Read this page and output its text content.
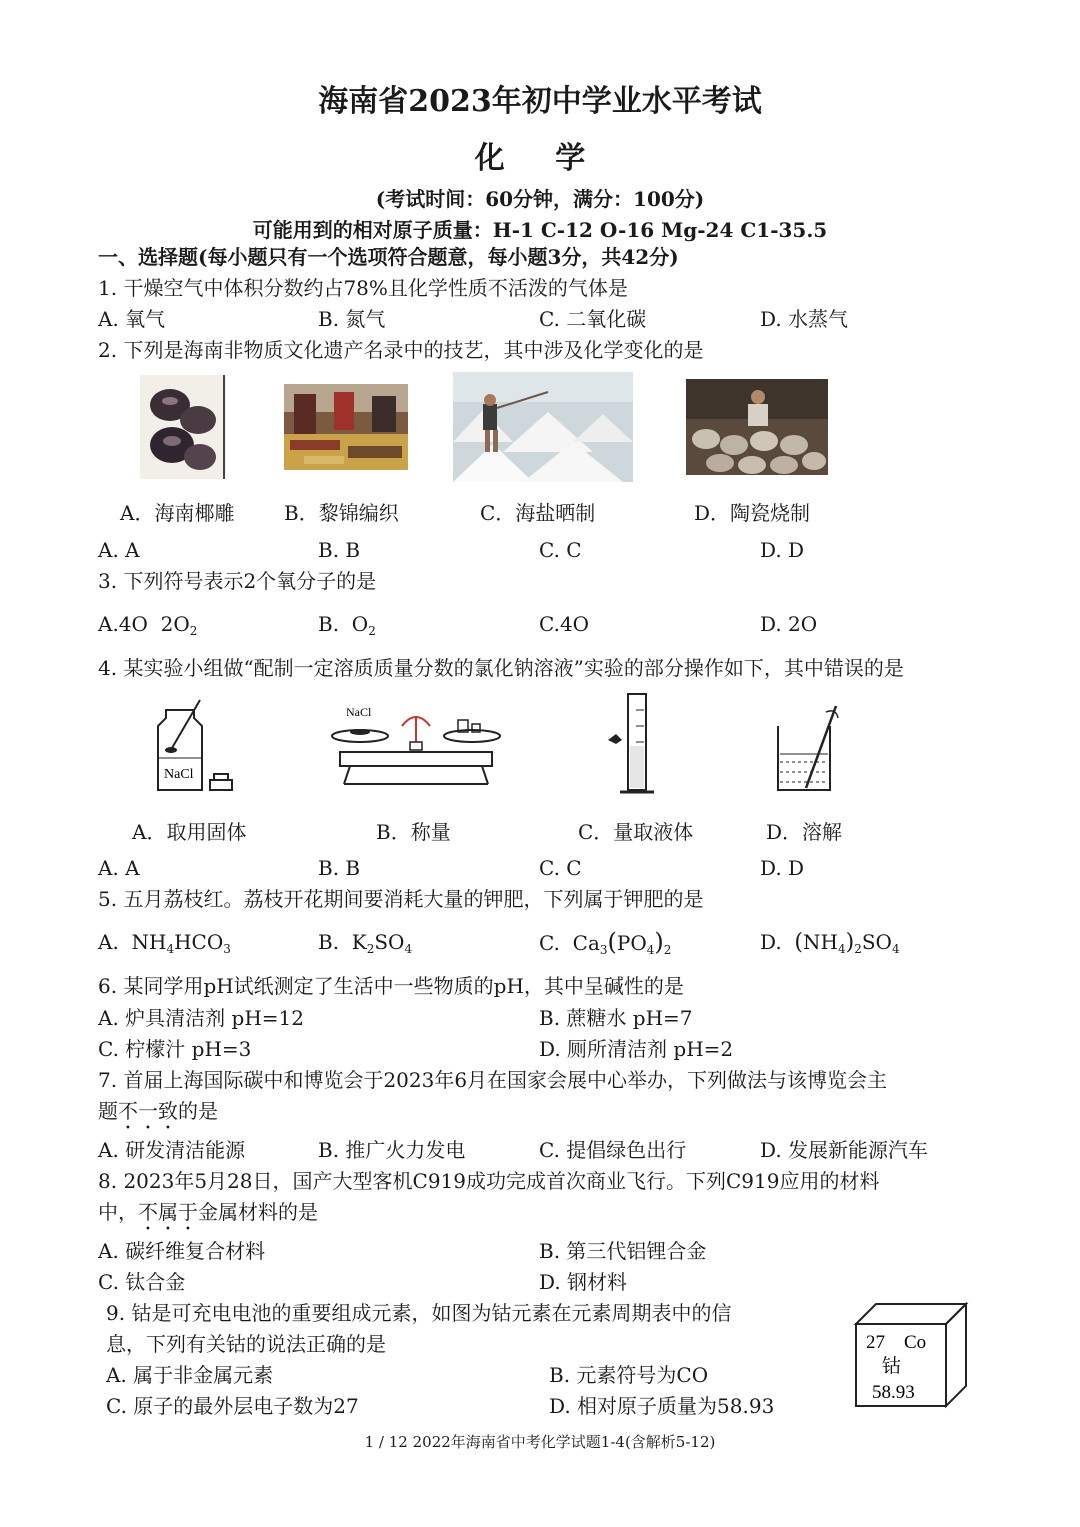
海南省2023年初中学业水平考试
化 学
(考试时间：60分钟，满分：100分)
可能用到的相对原子质量：H-1 C-12 O-16 Mg-24 C1-35.5
一、选择题(每小题只有一个选项符合题意，每小题3分，共42分)
1. 干燥空气中体积分数约占78%且化学性质不活泼的气体是
A. 氧气	B. 氮气	C. 二氧化碳	D. 水蒸气
2. 下列是海南非物质文化遗产名录中的技艺，其中涉及化学变化的是
A．海南椰雕 B．黎锦编织	C．海盐晒制	D．陶瓷烧制
A. A	B. B	C. C	D. D
3. 下列符号表示2个氧分子的是
A.4O $2O_2$	B. $O_2$	C.4O	D. 2O
4. 某实验小组做“配制一定溶质质量分数的氯化钠溶液”实验的部分操作如下，其中错误的是
NaCl
NaCl
A．取用固体	B．称量	C．量取液体	D．溶解
A. A	B. B	C. C	D. D
5. 五月荔枝红。荔枝开花期间要消耗大量的钾肥，下列属于钾肥的是
A.  $NH_4HCO_3$	B.  $K_2SO_4$	C.  $Ca_3(PO_4)_2$	D. $(NH_4)_2SO_4$
6. 某同学用pH试纸测定了生活中一些物质的pH，其中呈碱性的是
A. 炉具清洁剂 pH=12	B. 蔗糖水 pH=7
C. 柠檬汁 pH=3	D. 厕所清洁剂 pH=2
7. 首届上海国际碳中和博览会于2023年6月在国家会展中心举办，下列做法与该博览会主
题不一致的是
A. 研发清洁能源	B. 推广火力发电	C. 提倡绿色出行	D. 发展新能源汽车
8. 2023年5月28日，国产大型客机C919成功完成首次商业飞行。下列C919应用的材料
中，不属于金属材料的是
A. 碳纤维复合材料	B. 第三代铝锂合金
C. 钛合金	D. 钢材料
9. 钴是可充电电池的重要组成元素，如图为钴元素在元素周期表中的信
息，下列有关钴的说法正确的是
A. 属于非金属元素	B. 元素符号为CO
C. 原子的最外层电子数为27	D. 相对原子质量为58.93
27 Co
钴
58.93
1 / 12 2022年海南省中考化学试题1-4(含解析5-12)
